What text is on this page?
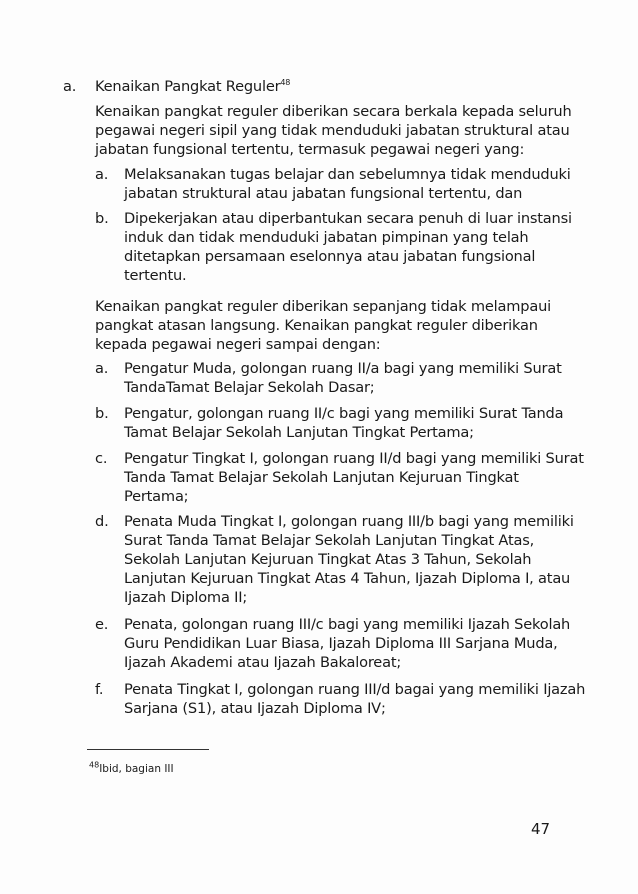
a. Kenaikan Pangkat Reguler$^{48}$
Kenaikan pangkat reguler diberikan secara berkala kepada seluruh
pegawai negeri sipil yang tidak menduduki jabatan struktural atau
jabatan fungsional tertentu, termasuk pegawai negeri yang:
a. Melaksanakan tugas belajar dan sebelumnya tidak menduduki
jabatan struktural atau jabatan fungsional tertentu, dan
b. Dipekerjakan atau diperbantukan secara penuh di luar instansi
induk dan tidak menduduki jabatan pimpinan yang telah
ditetapkan persamaan eselonnya atau jabatan fungsional
tertentu.
Kenaikan pangkat reguler diberikan sepanjang tidak melampaui
pangkat atasan langsung. Kenaikan pangkat reguler diberikan
kepada pegawai negeri sampai dengan:
a. Pengatur Muda, golongan ruang II/a bagi yang memiliki Surat
TandaTamat Belajar Sekolah Dasar;
b. Pengatur, golongan ruang II/c bagi yang memiliki Surat Tanda
Tamat Belajar Sekolah Lanjutan Tingkat Pertama;
c. Pengatur Tingkat I, golongan ruang II/d bagi yang memiliki Surat
Tanda Tamat Belajar Sekolah Lanjutan Kejuruan Tingkat
Pertama;
d. Penata Muda Tingkat I, golongan ruang III/b bagi yang memiliki
Surat Tanda Tamat Belajar Sekolah Lanjutan Tingkat Atas,
Sekolah Lanjutan Kejuruan Tingkat Atas 3 Tahun, Sekolah
Lanjutan Kejuruan Tingkat Atas 4 Tahun, Ijazah Diploma I, atau
Ijazah Diploma II;
e. Penata, golongan ruang III/c bagi yang memiliki Ijazah Sekolah
Guru Pendidikan Luar Biasa, Ijazah Diploma III Sarjana Muda,
Ijazah Akademi atau Ijazah Bakaloreat;
f. Penata Tingkat I, golongan ruang III/d bagai yang memiliki Ijazah
Sarjana (S1), atau Ijazah Diploma IV;
$^{48}$Ibid, bagian III
47
